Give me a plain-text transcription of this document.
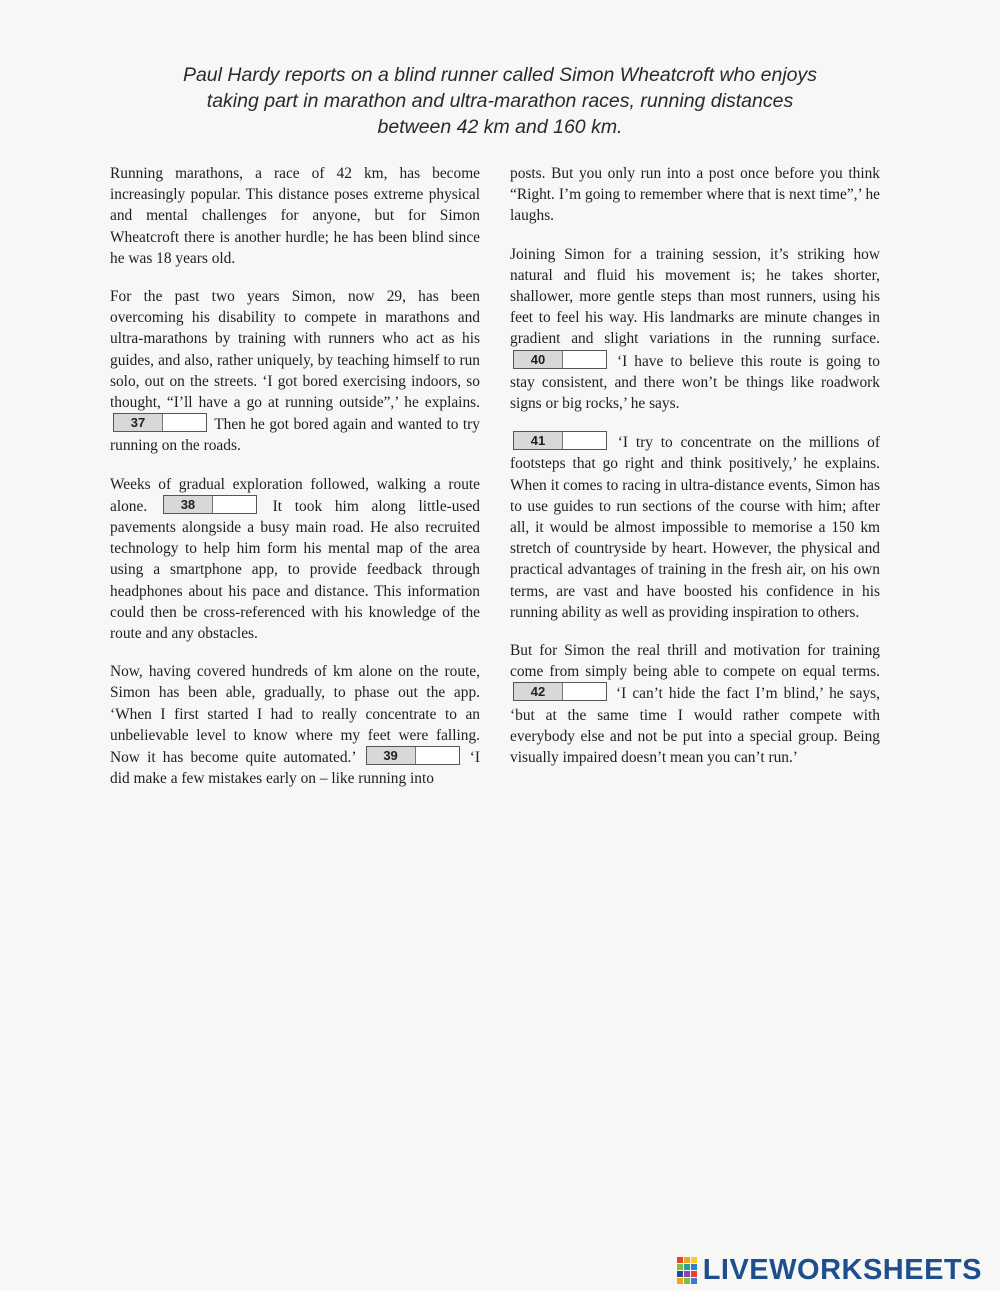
Paul Hardy reports on a blind runner called Simon Wheatcroft who enjoys
taking part in marathon and ultra-marathon races, running distances
between 42 km and 160 km.

Running marathons, a race of 42 km, has become increasingly popular. This distance poses extreme physical and mental challenges for anyone, but for Simon Wheatcroft there is another hurdle; he has been blind since he was 18 years old.

For the past two years Simon, now 29, has been overcoming his disability to compete in marathons and ultra-marathons by training with runners who act as his guides, and also, rather uniquely, by teaching himself to run solo, out on the streets. ‘I got bored exercising indoors, so thought, “I’ll have a go at running outside”,’ he explains.
37	Then he got bored again and wanted to try running on the roads.

Weeks of gradual exploration followed, walking a route alone.	38	It took him along little-used pavements alongside a busy main road. He also recruited technology to help him form his mental map of the area using a smartphone app, to provide feedback through headphones about his pace and distance. This information could then be cross-referenced with his knowledge of the route and any obstacles.

Now, having covered hundreds of km alone on the route, Simon has been able, gradually, to phase out the app. ‘When I first started I had to really concentrate to an unbelievable level to know where my feet were falling. Now it has become quite automated.’	39	‘I did make a few mistakes early on – like running into

posts. But you only run into a post once before you think “Right. I’m going to remember where that is next time”,’ he laughs.

Joining Simon for a training session, it’s striking how natural and fluid his movement is; he takes shorter, shallower, more gentle steps than most runners, using his feet to feel his way. His landmarks are minute changes in gradient and slight variations in the running surface.
40	‘I have to believe this route is going to stay consistent, and there won’t be things like roadwork signs or big rocks,’ he says.

41	‘I try to concentrate on the millions of footsteps that go right and think positively,’ he explains. When it comes to racing in ultra-distance events, Simon has to use guides to run sections of the course with him; after all, it would be almost impossible to memorise a 150 km stretch of countryside by heart. However, the physical and practical advantages of training in the fresh air, on his own terms, are vast and have boosted his confidence in his running ability as well as providing inspiration to others.

But for Simon the real thrill and motivation for training come from simply being able to compete on equal terms.
42	‘I can’t hide the fact I’m blind,’ he says, ‘but at the same time I would rather compete with everybody else and not be put into a special group. Being visually impaired doesn’t mean you can’t run.’

LIVEWORKSHEETS
